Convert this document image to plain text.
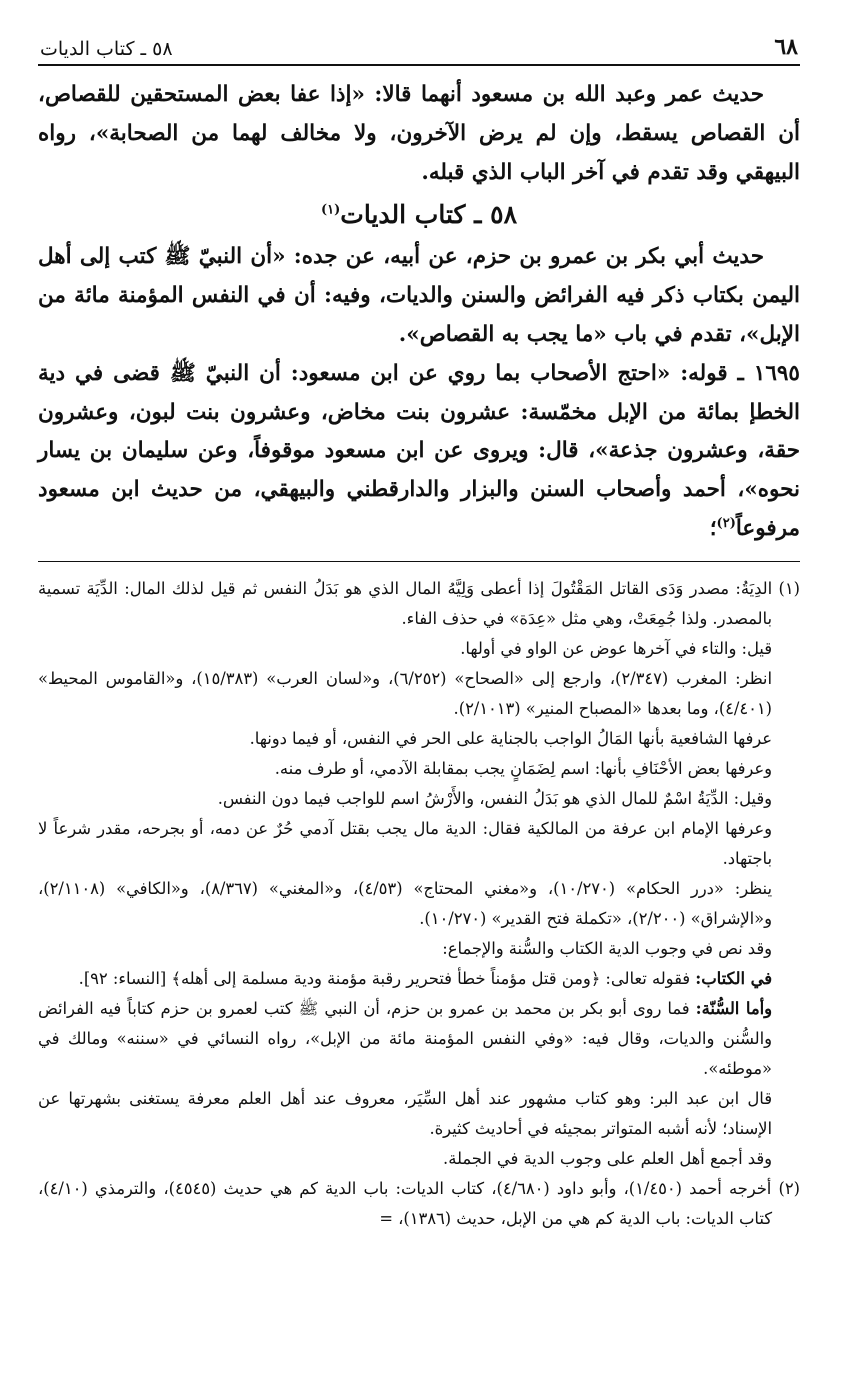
٦٨
٥٨ ـ كتاب الديات

حديث عمر وعبد الله بن مسعود أنهما قالا: «إذا عفا بعض المستحقين للقصاص، أن القصاص يسقط، وإن لم يرض الآخرون، ولا مخالف لهما من الصحابة»، رواه البيهقي وقد تقدم في آخر الباب الذي قبله.

٥٨ ـ كتاب الديات$^{(١)}$

حديث أبي بكر بن عمرو بن حزم، عن أبيه، عن جده: «أن النبيّ ﷺ كتب إلى أهل اليمن بكتاب ذكر فيه الفرائض والسنن والديات، وفيه: أن في النفس المؤمنة مائة من الإبل»، تقدم في باب «ما يجب به القصاص».

١٦٩٥ ـ قوله: «احتج الأصحاب بما روي عن ابن مسعود: أن النبيّ ﷺ قضى في دية الخطإ بمائة من الإبل مخمّسة: عشرون بنت مخاض، وعشرون بنت لبون، وعشرون حقة، وعشرون جذعة»، قال: ويروى عن ابن مسعود موقوفاً، وعن سليمان بن يسار نحوه»، أحمد وأصحاب السنن والبزار والدارقطني والبيهقي، من حديث ابن مسعود مرفوعاً$^{(٢)}$؛

(١) الدِيَةُ: مصدر وَدَى القاتل المَقْتُولَ إذا أعطى وَلِيَّهُ المال الذي هو بَدَلُ النفس ثم قيل لذلك المال: الدِّيَة تسمية بالمصدر. ولذا جُمِعَتْ، وهي مثل «عِدَة» في حذف الفاء.

قيل: والتاء في آخرها عوض عن الواو في أولها.

انظر: المغرب (٢/٣٤٧)، وارجع إلى «الصحاح» (٦/٢٥٢)، و«لسان العرب» (١٥/٣٨٣)، و«القاموس المحيط» (٤/٤٠١)، وما بعدها «المصباح المنير» (٢/١٠١٣).

عرفها الشافعية بأنها المَالُ الواجب بالجناية على الحر في النفس، أو فيما دونها.

وعرفها بعض الأحْنَافِ بأنها: اسم لِضَمَانٍ يجب بمقابلة الآدمي، أو طرف منه.

وقيل: الدِّيَةُ اسْمٌ للمال الذي هو بَدَلُ النفس، والأَرْشُ اسم للواجب فيما دون النفس.

وعرفها الإمام ابن عرفة من المالكية فقال: الدية مال يجب بقتل آدمي حُرٌ عن دمه، أو بجرحه، مقدر شرعاً لا باجتهاد.

ينظر: «درر الحكام» (١٠/٢٧٠)، و«مغني المحتاج» (٤/٥٣)، و«المغني» (٨/٣٦٧)، و«الكافي» (٢/١١٠٨)، و«الإشراق» (٢/٢٠٠)، «تكملة فتح القدير» (١٠/٢٧٠).

وقد نص في وجوب الدية الكتاب والسُّنة والإجماع:

في الكتاب: فقوله تعالى: ﴿ومن قتل مؤمناً خطأ فتحرير رقبة مؤمنة ودية مسلمة إلى أهله﴾ [النساء: ٩٢].

وأما السُّنّة: فما روى أبو بكر بن محمد بن عمرو بن حزم، أن النبي ﷺ كتب لعمرو بن حزم كتاباً فيه الفرائض والسُّنن والديات، وقال فيه: «وفي النفس المؤمنة مائة من الإبل»، رواه النسائي في «سننه» ومالك في «موطئه».

قال ابن عبد البر: وهو كتاب مشهور عند أهل السِّيَر، معروف عند أهل العلم معرفة يستغنى بشهرتها عن الإسناد؛ لأنه أشبه المتواتر بمجيئه في أحاديث كثيرة.

وقد أجمع أهل العلم على وجوب الدية في الجملة.

(٢) أخرجه أحمد (١/٤٥٠)، وأبو داود (٤/٦٨٠)، كتاب الديات: باب الدية كم هي حديث (٤٥٤٥)، والترمذي (٤/١٠)، كتاب الديات: باب الدية كم هي من الإبل، حديث (١٣٨٦)، =
